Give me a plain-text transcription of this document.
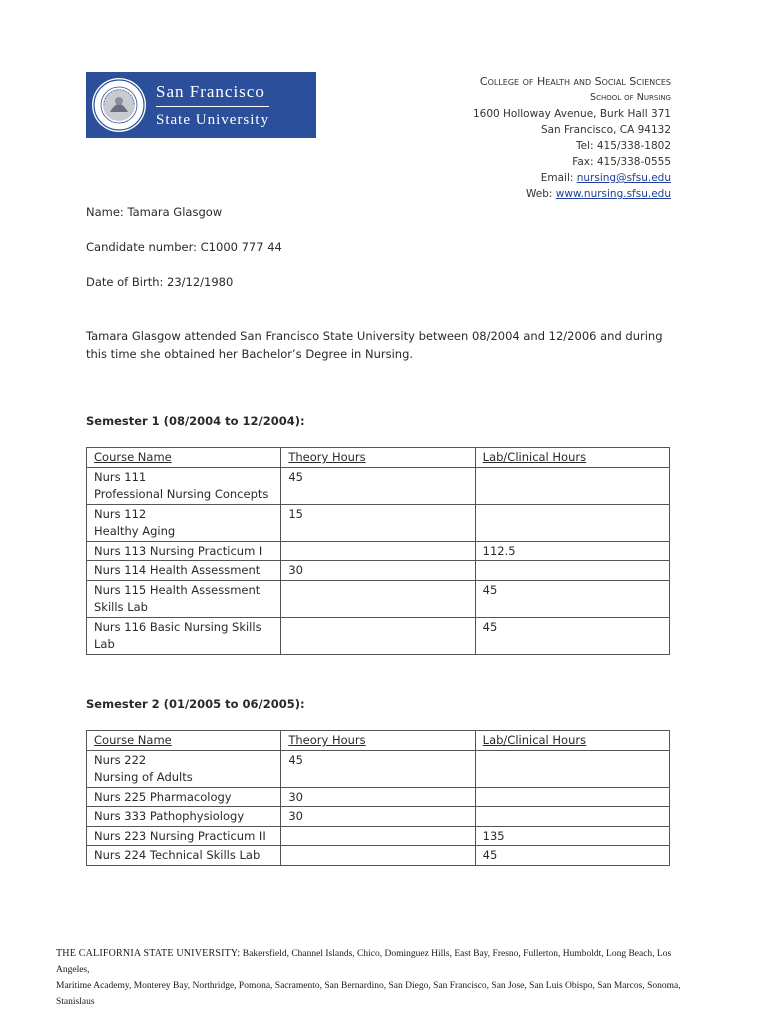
San Francisco
State University
College of Health and Social Sciences
School of Nursing
1600 Holloway Avenue, Burk Hall 371
San Francisco, CA 94132
Tel: 415/338-1802
Fax: 415/338-0555
Email: nursing@sfsu.edu
Web: www.nursing.sfsu.edu
Name: Tamara Glasgow
Candidate number: C1000 777 44
Date of Birth: 23/12/1980
Tamara Glasgow attended San Francisco State University between 08/2004 and 12/2006 and during this time she obtained her Bachelor’s Degree in Nursing.
Semester 1 (08/2004 to 12/2004):
Course Name	Theory Hours	Lab/Clinical Hours

Nurs 111
Professional Nursing Concepts	45	

Nurs 112
Healthy Aging	15	
Nurs 113 Nursing Practicum I		112.5
Nurs 114 Health Assessment	30	

Nurs 115 Health Assessment
Skills Lab		45

Nurs 116 Basic Nursing Skills
Lab		45
Semester 2 (01/2005 to 06/2005):
Course Name	Theory Hours	Lab/Clinical Hours

Nurs 222
Nursing of Adults	45	
Nurs 225 Pharmacology	30	
Nurs 333 Pathophysiology	30	
Nurs 223 Nursing Practicum II		135
Nurs 224 Technical Skills Lab		45
THE CALIFORNIA STATE UNIVERSITY: Bakersfield, Channel Islands, Chico, Dominguez Hills, East Bay, Fresno, Fullerton, Humboldt, Long Beach, Los Angeles,
Maritime Academy, Monterey Bay, Northridge, Pomona, Sacramento, San Bernardino, San Diego, San Francisco, San Jose, San Luis Obispo, San Marcos, Sonoma, Stanislaus
